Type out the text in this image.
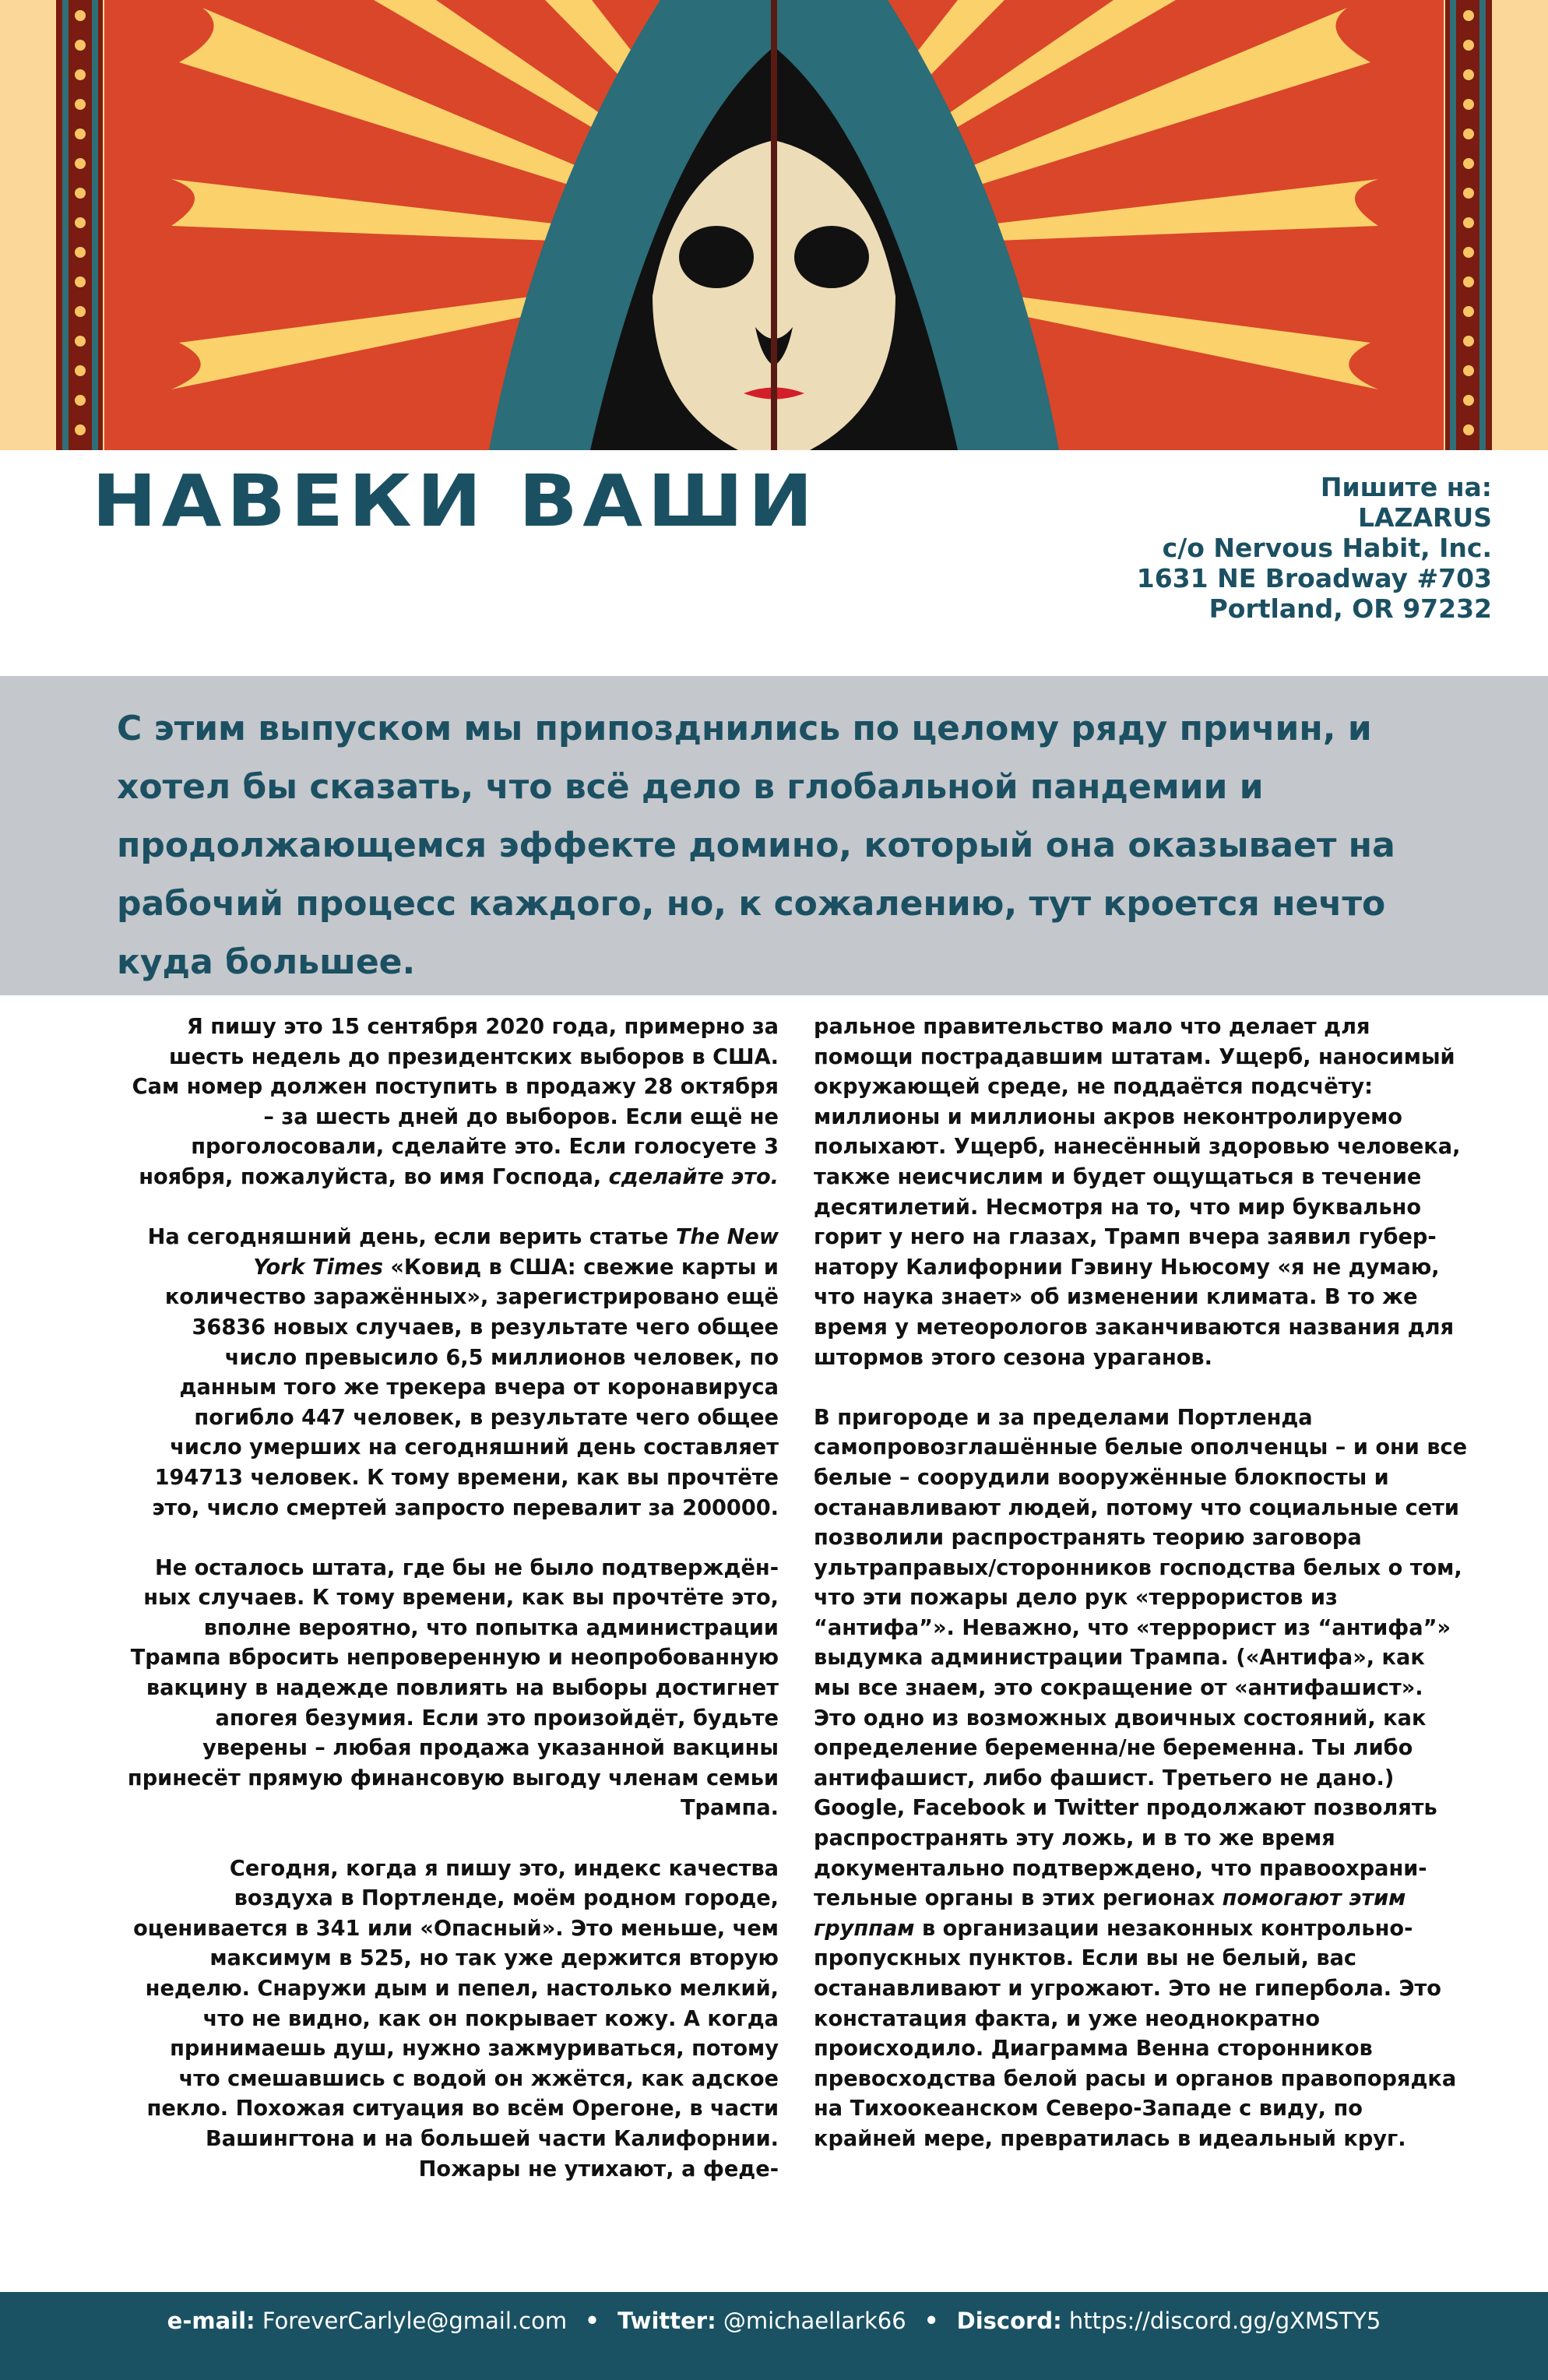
НАВЕКИ ВАШИ	Пишите на:
LAZARUS
c/o Nervous Habit, Inc.
1631 NE Broadway #703
Portland, OR 97232
С этим выпуском мы припозднились по целому ряду причин, и хотел бы сказать, что всё дело в глобальной пандемии и продолжающемся эффекте домино, который она оказывает на рабочий процесс каждого, но, к сожалению, тут кроется нечто куда большее.

Я пишу это 15 сентября 2020 года, примерно за шесть недель до президентских выборов в США. Сам номер должен поступить в продажу 28 октября – за шесть дней до выборов. Если ещё не проголосовали, сделайте это. Если голосуете 3 ноября, пожалуйста, во имя Господа, сделайте это.

На сегодняшний день, если верить статье The New York Times «Ковид в США: свежие карты и количество заражённых», зарегистрировано ещё 36836 новых случаев, в результате чего общее число превысило 6,5 миллионов человек, по данным того же трекера вчера от коронавируса погибло 447 человек, в результате чего общее число умерших на сегодняшний день составляет 194713 человек. К тому времени, как вы прочтёте это, число смертей запросто перевалит за 200000.

Не осталось штата, где бы не было подтверждённых случаев. К тому времени, как вы прочтёте это, вполне вероятно, что попытка администрации Трампа вбросить непроверенную и неопробованную вакцину в надежде повлиять на выборы достигнет апогея безумия. Если это произойдёт, будьте уверены – любая продажа указанной вакцины принесёт прямую финансовую выгоду членам семьи Трампа.

Сегодня, когда я пишу это, индекс качества воздуха в Портленде, моём родном городе, оценивается в 341 или «Опасный». Это меньше, чем максимум в 525, но так уже держится вторую неделю. Снаружи дым и пепел, настолько мелкий, что не видно, как он покрывает кожу. А когда принимаешь душ, нужно зажмуриваться, потому что смешавшись с водой он жжётся, как адское пекло. Похожая ситуация во всём Орегоне, в части Вашингтона и на большей части Калифорнии. Пожары не утихают, а феде-

ральное правительство мало что делает для помощи пострадавшим штатам. Ущерб, наносимый окружающей среде, не поддаётся подсчёту: миллионы и миллионы акров неконтролируемо полыхают. Ущерб, нанесённый здоровью человека, также неисчислим и будет ощущаться в течение десятилетий. Несмотря на то, что мир буквально горит у него на глазах, Трамп вчера заявил губернатору Калифорнии Гэвину Ньюсому «я не думаю, что наука знает» об изменении климата. В то же время у метеорологов заканчиваются названия для штормов этого сезона ураганов.

В пригороде и за пределами Портленда самопровозглашённые белые ополченцы – и они все белые – соорудили вооружённые блокпосты и останавливают людей, потому что социальные сети позволили распространять теорию заговора ультраправых/сторонников господства белых о том, что эти пожары дело рук «террористов из “антифа”». Неважно, что «террорист из “антифа”» выдумка администрации Трампа. («Антифа», как мы все знаем, это сокращение от «антифашист». Это одно из возможных двоичных состояний, как определение беременна/не беременна. Ты либо антифашист, либо фашист. Третьего не дано.) Google, Facebook и Twitter продолжают позволять распространять эту ложь, и в то же время документально подтверждено, что правоохранительные органы в этих регионах помогают этим группам в организации незаконных контрольно-пропускных пунктов. Если вы не белый, вас останавливают и угрожают. Это не гипербола. Это констатация факта, и уже неоднократно происходило. Диаграмма Венна сторонников превосходства белой расы и органов правопорядка на Тихоокеанском Северо-Западе с виду, по крайней мере, превратилась в идеальный круг.

e-mail: ForeverCarlyle@gmail.com • Twitter: @michaellark66 • Discord: https://discord.gg/gXMSTY5
